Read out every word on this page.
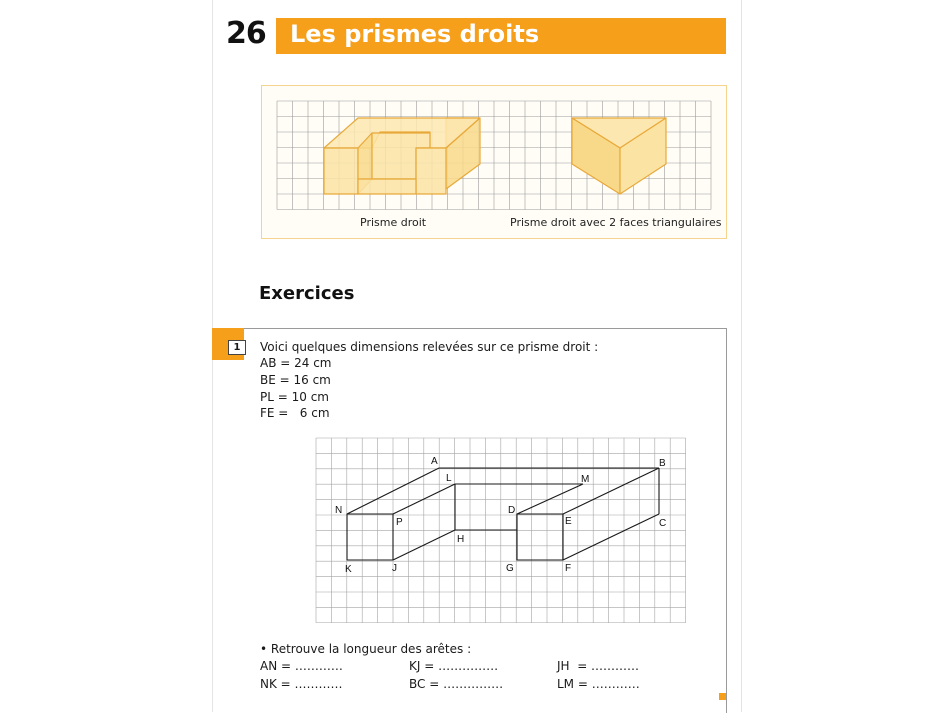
26 Les prismes droits
Prisme droit	Prisme droit avec 2 faces triangulaires
Exercices
1	Voici quelques dimensions relevées sur ce prisme droit :
AB = 24 cm
BE = 16 cm
PL = 10 cm
FE =   6 cm
A	B
C
D
E
F
G
H
J
K
L	M
N
P
• Retrouve la longueur des arêtes :
AN = …………	KJ = ……………	JH  = …………
NK = …………	BC = ……………	LM = …………
